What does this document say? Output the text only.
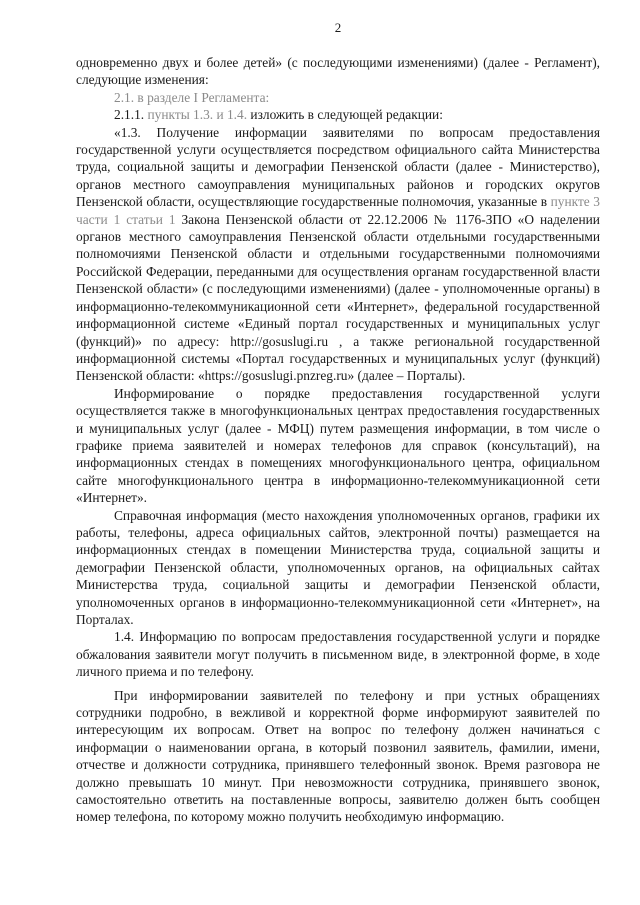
2

одновременно двух и более детей» (с последующими изменениями) (далее - Регламент), следующие изменения:

2.1. в разделе I Регламента:

2.1.1. пункты 1.3. и 1.4. изложить в следующей редакции:

«1.3. Получение информации заявителями по вопросам предоставления государственной услуги осуществляется посредством официального сайта Министерства труда, социальной защиты и демографии Пензенской области (далее - Министерство), органов местного самоуправления муниципальных районов и городских округов Пензенской области, осуществляющие государственные полномочия, указанные в пункте 3 части 1 статьи 1 Закона Пензенской области от 22.12.2006 № 1176-ЗПО «О наделении органов местного самоуправления Пензенской области отдельными государственными полномочиями Пензенской области и отдельными государственными полномочиями Российской Федерации, переданными для осуществления органам государственной власти Пензенской области» (с последующими изменениями) (далее - уполномоченные органы) в информационно-телекоммуникационной сети «Интернет», федеральной государственной информационной системе «Единый портал государственных и муниципальных услуг (функций)» по адресу: http://gosuslugi.ru , а также региональной государственной информационной системы «Портал государственных и муниципальных услуг (функций) Пензенской области: «https://gosuslugi.pnzreg.ru» (далее – Порталы).

Информирование о порядке предоставления государственной услуги осуществляется также в многофункциональных центрах предоставления государственных и муниципальных услуг (далее - МФЦ) путем размещения информации, в том числе о графике приема заявителей и номерах телефонов для справок (консультаций), на информационных стендах в помещениях многофункционального центра, официальном сайте многофункционального центра в информационно-телекоммуникационной сети «Интернет».

Справочная информация (место нахождения уполномоченных органов, графики их работы, телефоны, адреса официальных сайтов, электронной почты) размещается на информационных стендах в помещении Министерства труда, социальной защиты и демографии Пензенской области, уполномоченных органов, на официальных сайтах Министерства труда, социальной защиты и демографии Пензенской области, уполномоченных органов в информационно-телекоммуникационной сети «Интернет», на Порталах.

1.4. Информацию по вопросам предоставления государственной услуги и порядке обжалования заявители могут получить в письменном виде, в электронной форме, в ходе личного приема и по телефону.

При информировании заявителей по телефону и при устных обращениях сотрудники подробно, в вежливой и корректной форме информируют заявителей по интересующим их вопросам. Ответ на вопрос по телефону должен начинаться с информации о наименовании органа, в который позвонил заявитель, фамилии, имени, отчестве и должности сотрудника, принявшего телефонный звонок. Время разговора не должно превышать 10 минут. При невозможности сотрудника, принявшего звонок, самостоятельно ответить на поставленные вопросы, заявителю должен быть сообщен номер телефона, по которому можно получить необходимую информацию.
